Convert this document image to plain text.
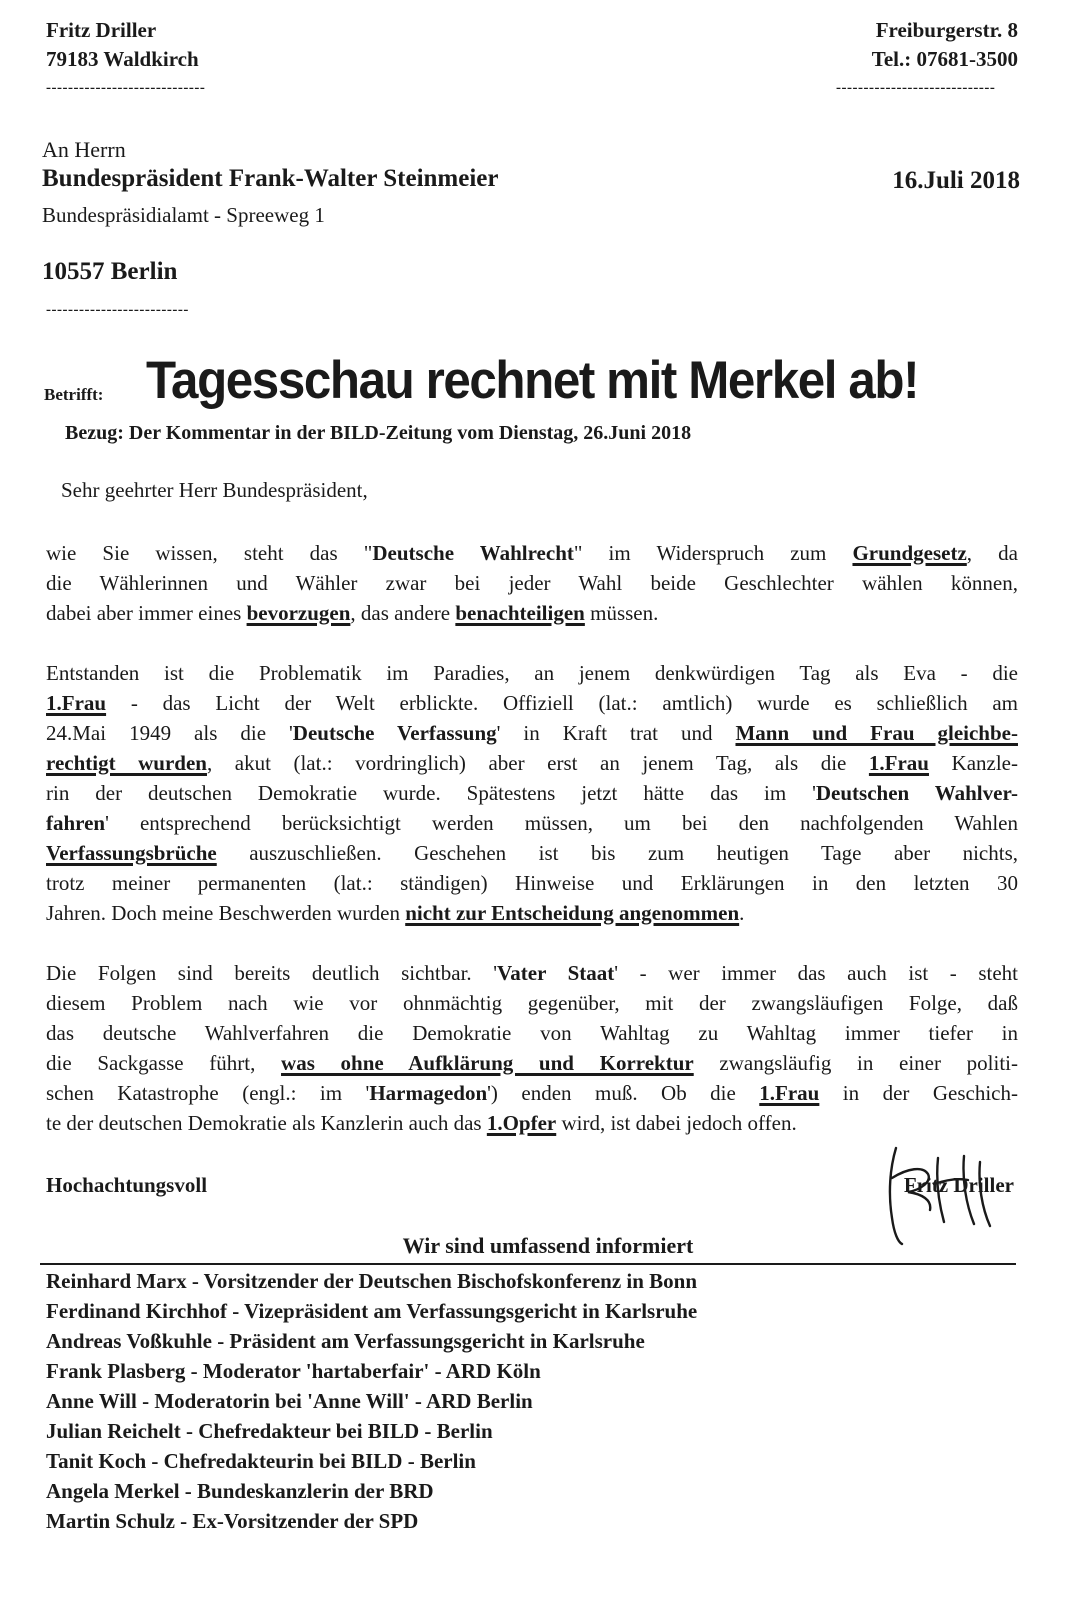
Fritz Driller
79183 Waldkirch
-----------------------------
Freiburgerstr. 8
Tel.: 07681-3500
-----------------------------
An Herrn
Bundespräsident Frank-Walter Steinmeier
Bundespräsidialamt - Spreeweg 1
10557 Berlin
--------------------------
16.Juli 2018
Betrifft: Tagesschau rechnet mit Merkel ab!
Bezug: Der Kommentar in der BILD-Zeitung vom Dienstag, 26.Juni 2018
Sehr geehrter Herr Bundespräsident,
wie Sie wissen, steht das "Deutsche Wahlrecht" im Widerspruch zum Grundgesetz, da
die Wählerinnen und Wähler zwar bei jeder Wahl beide Geschlechter wählen können,
dabei aber immer eines bevorzugen, das andere benachteiligen müssen.
Entstanden ist die Problematik im Paradies, an jenem denkwürdigen Tag als Eva - die
1.Frau - das Licht der Welt erblickte. Offiziell (lat.: amtlich) wurde es schließlich am
24.Mai 1949 als die 'Deutsche Verfassung' in Kraft trat und Mann und Frau gleichbe-
rechtigt wurden, akut (lat.: vordringlich) aber erst an jenem Tag, als die 1.Frau Kanzle-
rin der deutschen Demokratie wurde. Spätestens jetzt hätte das im 'Deutschen Wahlver-
fahren' entsprechend berücksichtigt werden müssen, um bei den nachfolgenden Wahlen
Verfassungsbrüche auszuschließen. Geschehen ist bis zum heutigen Tage aber nichts,
trotz meiner permanenten (lat.: ständigen) Hinweise und Erklärungen in den letzten 30
Jahren. Doch meine Beschwerden wurden nicht zur Entscheidung angenommen.
Die Folgen sind bereits deutlich sichtbar. 'Vater Staat' - wer immer das auch ist - steht
diesem Problem nach wie vor ohnmächtig gegenüber, mit der zwangsläufigen Folge, daß
das deutsche Wahlverfahren die Demokratie von Wahltag zu Wahltag immer tiefer in
die Sackgasse führt, was ohne Aufklärung und Korrektur zwangsläufig in einer politi-
schen Katastrophe (engl.: im 'Harmagedon') enden muß. Ob die 1.Frau in der Geschich-
te der deutschen Demokratie als Kanzlerin auch das 1.Opfer wird, ist dabei jedoch offen.
Hochachtungsvoll	Fritz Driller
Wir sind umfassend informiert
Reinhard Marx - Vorsitzender der Deutschen Bischofskonferenz in Bonn
Ferdinand Kirchhof - Vizepräsident am Verfassungsgericht in Karlsruhe
Andreas Voßkuhle - Präsident am Verfassungsgericht in Karlsruhe
Frank Plasberg - Moderator 'hartaberfair' - ARD Köln
Anne Will - Moderatorin bei 'Anne Will' - ARD Berlin
Julian Reichelt - Chefredakteur bei BILD - Berlin
Tanit Koch - Chefredakteurin bei BILD - Berlin
Angela Merkel - Bundeskanzlerin der BRD
Martin Schulz - Ex-Vorsitzender der SPD
